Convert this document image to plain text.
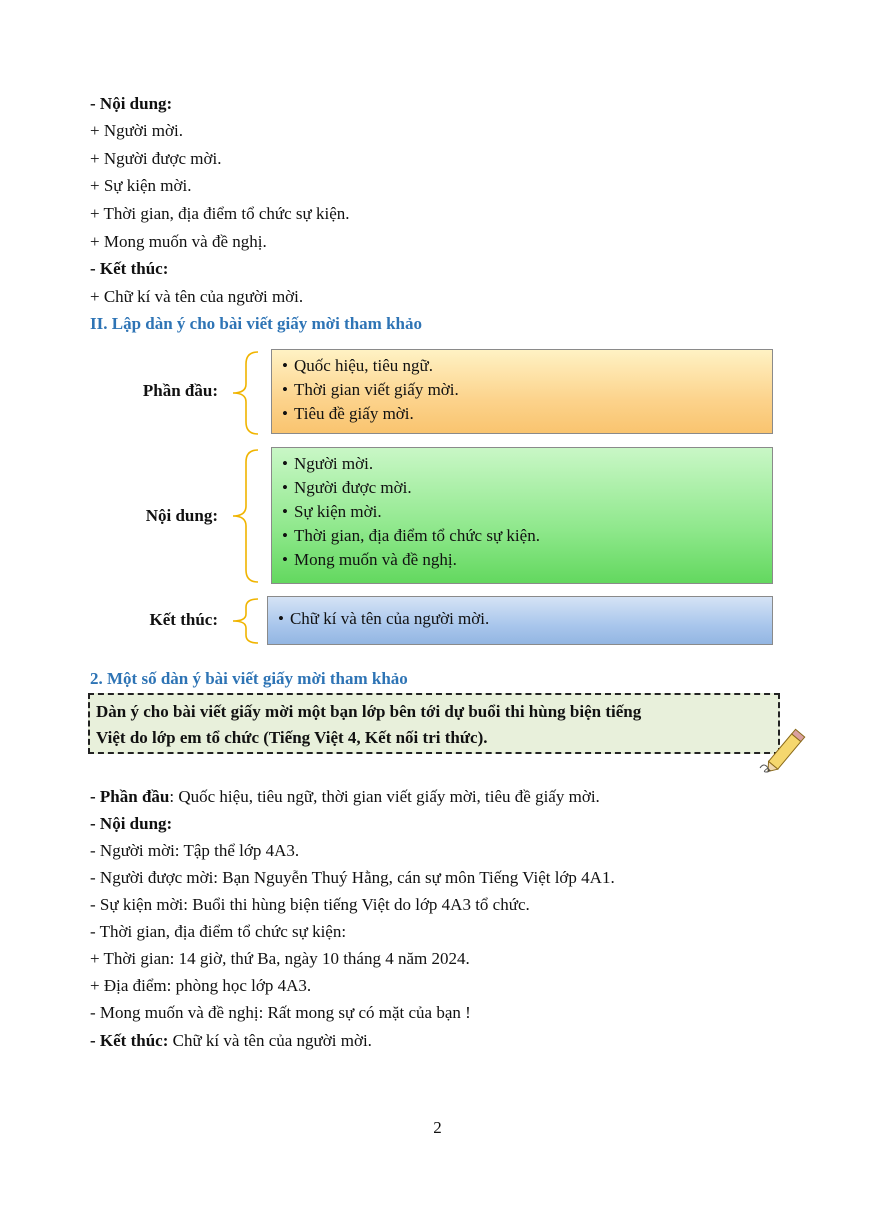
- Nội dung:
+ Người mời.
+ Người được mời.
+ Sự kiện mời.
+ Thời gian, địa điểm tổ chức sự kiện.
+ Mong muốn và đề nghị.
- Kết thúc:
+ Chữ kí và tên của người mời.
II. Lập dàn ý cho bài viết giấy mời tham khảo
Phần đầu:
• Quốc hiệu, tiêu ngữ.
• Thời gian viết giấy mời.
• Tiêu đề giấy mời.
Nội dung:
• Người mời.
• Người được mời.
• Sự kiện mời.
• Thời gian, địa điểm tổ chức sự kiện.
• Mong muốn và đề nghị.
Kết thúc:
•	Chữ kí và tên của người mời.
2. Một số dàn ý bài viết giấy mời tham khảo
Dàn ý cho bài viết giấy mời một bạn lớp bên tới dự buổi thi hùng biện tiếng
Việt do lớp em tổ chức (Tiếng Việt 4, Kết nối tri thức).
- Phần đầu: Quốc hiệu, tiêu ngữ, thời gian viết giấy mời, tiêu đề giấy mời.
- Nội dung:
- Người mời: Tập thể lớp 4A3.
- Người được mời: Bạn Nguyễn Thuý Hằng, cán sự môn Tiếng Việt lớp 4A1.
- Sự kiện mời: Buổi thi hùng biện tiếng Việt do lớp 4A3 tổ chức.
- Thời gian, địa điểm tổ chức sự kiện:
+ Thời gian: 14 giờ, thứ Ba, ngày 10 tháng 4 năm 2024.
+ Địa điểm: phòng học lớp 4A3.
- Mong muốn và đề nghị: Rất mong sự có mặt của bạn !
- Kết thúc: Chữ kí và tên của người mời.
2
